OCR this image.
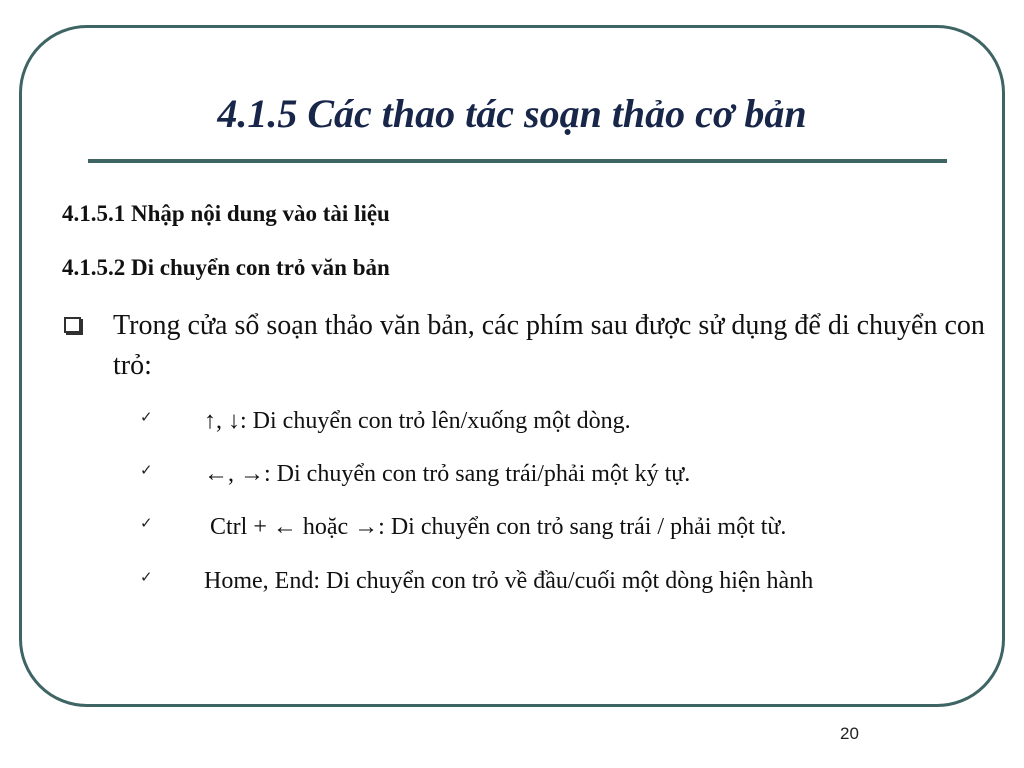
4.1.5 Các thao tác soạn thảo cơ bản
4.1.5.1 Nhập nội dung vào tài liệu
4.1.5.2 Di chuyển con trỏ văn bản
Trong cửa sổ soạn thảo văn bản, các phím sau được sử dụng để di chuyển con trỏ:
✓ ↑, ↓: Di chuyển con trỏ lên/xuống một dòng.
✓ ←, →: Di chuyển con trỏ sang trái/phải một ký tự.
✓ Ctrl + ← hoặc →: Di chuyển con trỏ sang trái / phải một từ.
✓ Home, End: Di chuyển con trỏ về đầu/cuối một dòng hiện hành
20
